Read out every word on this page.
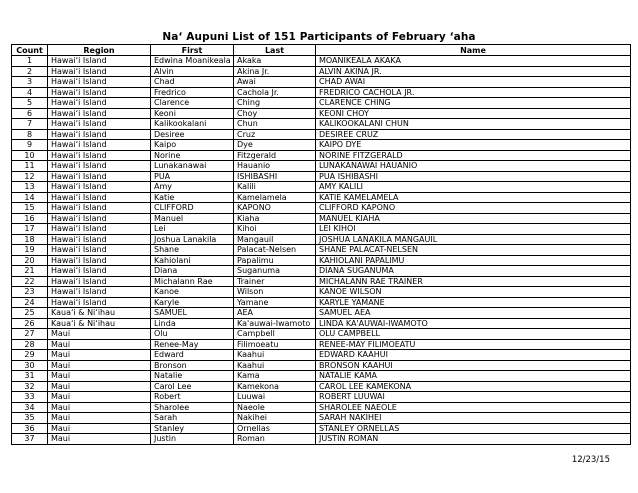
Naʻ Aupuni List of 151 Participants of February ʻaha
Count	Region	First	Last	Name
1	Hawaiʻi Island	Edwina Moanikeala	Akaka	MOANIKEALA AKAKA
2	Hawaiʻi Island	Alvin	Akina Jr.	ALVIN AKINA JR.
3	Hawaiʻi Island	Chad	Awai	CHAD AWAI
4	Hawaiʻi Island	Fredrico	Cachola Jr.	FREDRICO CACHOLA JR.
5	Hawaiʻi Island	Clarence	Ching	CLARENCE CHING
6	Hawaiʻi Island	Keoni	Choy	KEONI CHOY
7	Hawaiʻi Island	Kalikookalani	Chun	KALIKOOKALANI CHUN
8	Hawaiʻi Island	Desiree	Cruz	DESIREE CRUZ
9	Hawaiʻi Island	Kaipo	Dye	KAIPO DYE
10	Hawaiʻi Island	Norine	Fitzgerald	NORINE FITZGERALD
11	Hawaiʻi Island	Lunakanawai	Hauanio	LUNAKANAWAI HAUANIO
12	Hawaiʻi Island	PUA	ISHIBASHI	PUA ISHIBASHI
13	Hawaiʻi Island	Amy	Kalili	AMY KALILI
14	Hawaiʻi Island	Katie	Kamelamela	KATIE KAMELAMELA
15	Hawaiʻi Island	CLIFFORD	KAPONO	CLIFFORD KAPONO
16	Hawaiʻi Island	Manuel	Kiaha	MANUEL KIAHA
17	Hawaiʻi Island	Lei	Kihoi	LEI KIHOI
18	Hawaiʻi Island	Joshua Lanakila	Mangauil	JOSHUA LANAKILA MANGAUIL
19	Hawaiʻi Island	Shane	Palacat-Nelsen	SHANE PALACAT-NELSEN
20	Hawaiʻi Island	Kahiolani	Papalimu	KAHIOLANI PAPALIMU
21	Hawaiʻi Island	Diana	Suganuma	DIANA SUGANUMA
22	Hawaiʻi Island	Michalann Rae	Trainer	MICHALANN RAE TRAINER
23	Hawaiʻi Island	Kanoe	Wilson	KANOE WILSON
24	Hawaiʻi Island	Karyle	Yamane	KARYLE YAMANE
25	Kauaʻi & Niʻihau	SAMUEL	AEA	SAMUEL AEA
26	Kauaʻi & Niʻihau	Linda	Ka'auwai-Iwamoto	LINDA KA'AUWAI-IWAMOTO
27	Maui	Olu	Campbell	OLU CAMPBELL
28	Maui	Renee-May	Filimoeatu	RENEE-MAY FILIMOEATU
29	Maui	Edward	Kaahui	EDWARD KAAHUI
30	Maui	Bronson	Kaahui	BRONSON KAAHUI
31	Maui	Natalie	Kama	NATALIE KAMA
32	Maui	Carol Lee	Kamekona	CAROL LEE KAMEKONA
33	Maui	Robert	Luuwai	ROBERT LUUWAI
34	Maui	Sharolee	Naeole	SHAROLEE NAEOLE
35	Maui	Sarah	Nakihei	SARAH NAKIHEI
36	Maui	Stanley	Ornellas	STANLEY ORNELLAS
37	Maui	Justin	Roman	JUSTIN ROMAN
12/23/15
